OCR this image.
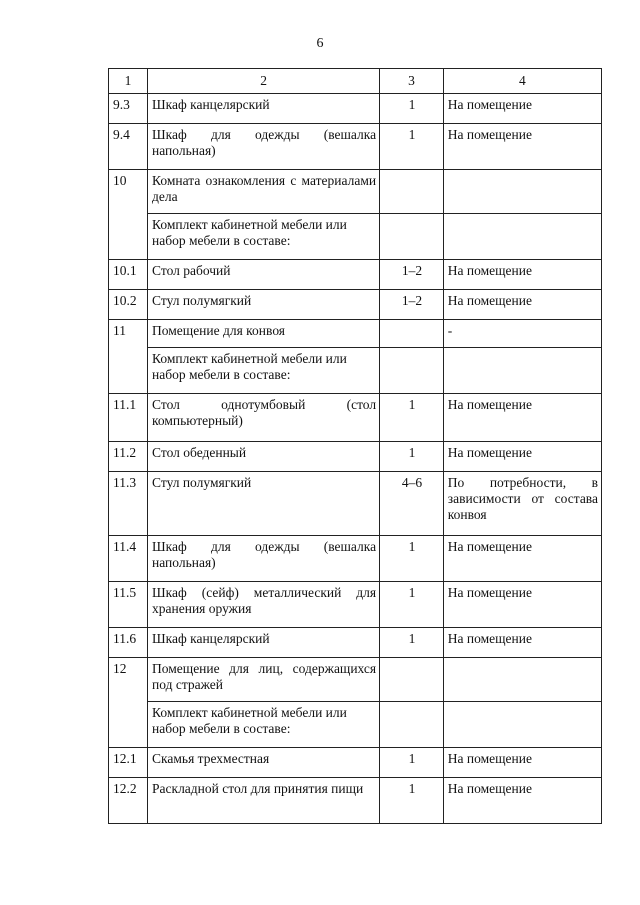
6
1	2	3	4
9.3	Шкаф канцелярский	1	На помещение
9.4	Шкаф для одежды (вешалка напольная)	1	На помещение
10	Комната ознакомления с материалами дела		
	Комплект кабинетной мебели или набор мебели в составе:		
10.1	Стол рабочий	1–2	На помещение
10.2	Стул полумягкий	1–2	На помещение
11	Помещение для конвоя		-
	Комплект кабинетной мебели или набор мебели в составе:		
11.1	Стол однотумбовый (стол компьютерный)	1	На помещение
11.2	Стол обеденный	1	На помещение
11.3	Стул полумягкий	4–6	По потребности, в зависимости от состава конвоя
11.4	Шкаф для одежды (вешалка напольная)	1	На помещение
11.5	Шкаф (сейф) металлический для хранения оружия	1	На помещение
11.6	Шкаф канцелярский	1	На помещение
12	Помещение для лиц, содержащихся под стражей		
	Комплект кабинетной мебели или набор мебели в составе:		
12.1	Скамья трехместная	1	На помещение
12.2	Раскладной стол для принятия пищи	1	На помещение
